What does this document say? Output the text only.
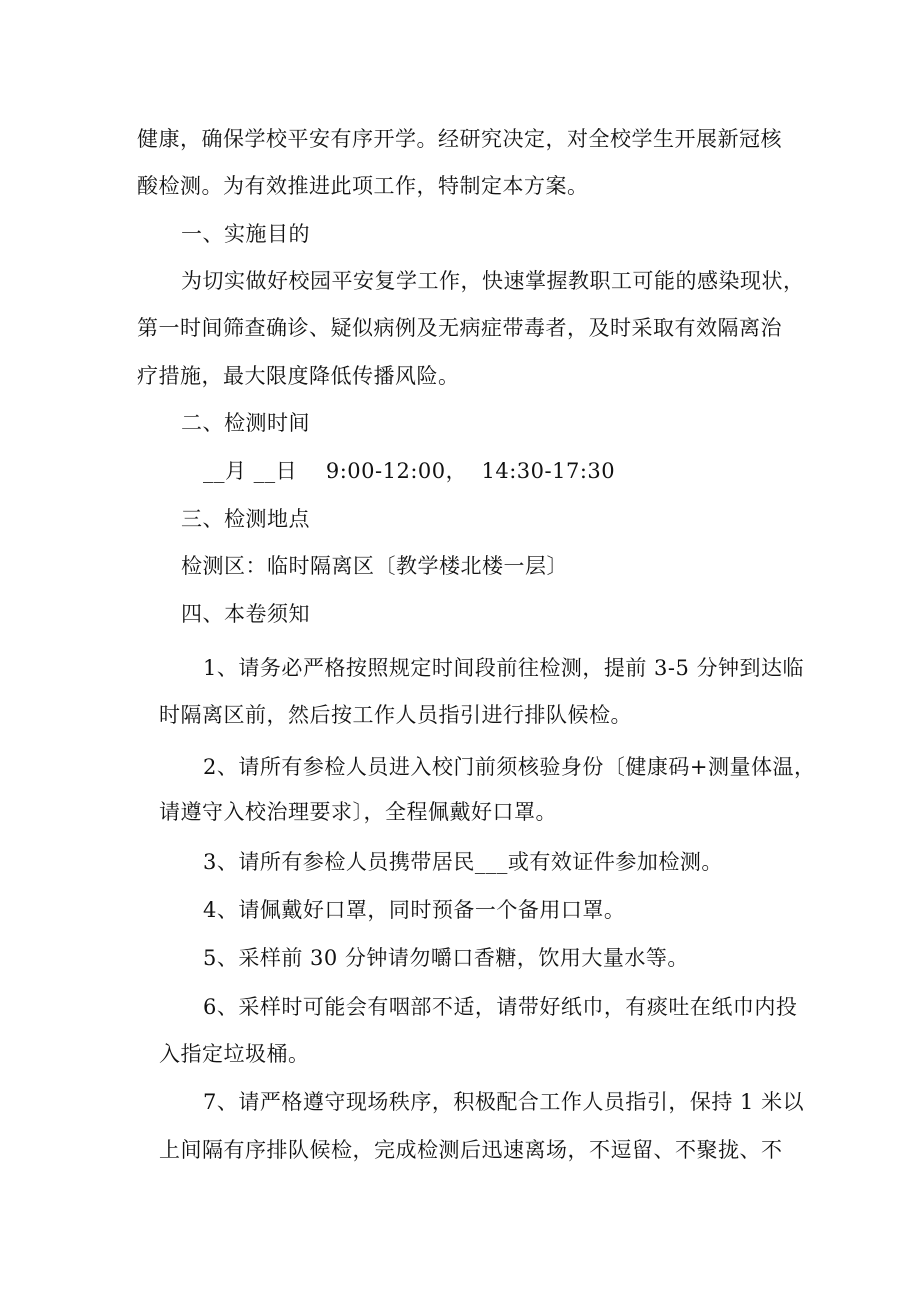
健康，确保学校平安有序开学。经研究决定，对全校学生开展新冠核
酸检测。为有效推进此项工作，特制定本方案。
一、实施目的
为切实做好校园平安复学工作，快速掌握教职工可能的感染现状，
第一时间筛查确诊、疑似病例及无病症带毒者，及时采取有效隔离治
疗措施，最大限度降低传播风险。
二、检测时间
__月 __日    9:00-12:00，  14:30-17:30
三、检测地点
检测区：临时隔离区〔教学楼北楼一层〕
四、本卷须知
1、请务必严格按照规定时间段前往检测，提前 3-5 分钟到达临
时隔离区前，然后按工作人员指引进行排队候检。
2、请所有参检人员进入校门前须核验身份〔健康码+测量体温，
请遵守入校治理要求〕，全程佩戴好口罩。
3、请所有参检人员携带居民___或有效证件参加检测。
4、请佩戴好口罩，同时预备一个备用口罩。
5、采样前 30 分钟请勿嚼口香糖，饮用大量水等。
6、采样时可能会有咽部不适，请带好纸巾，有痰吐在纸巾内投
入指定垃圾桶。
7、请严格遵守现场秩序，积极配合工作人员指引，保持 1 米以
上间隔有序排队候检，完成检测后迅速离场，不逗留、不聚拢、不
